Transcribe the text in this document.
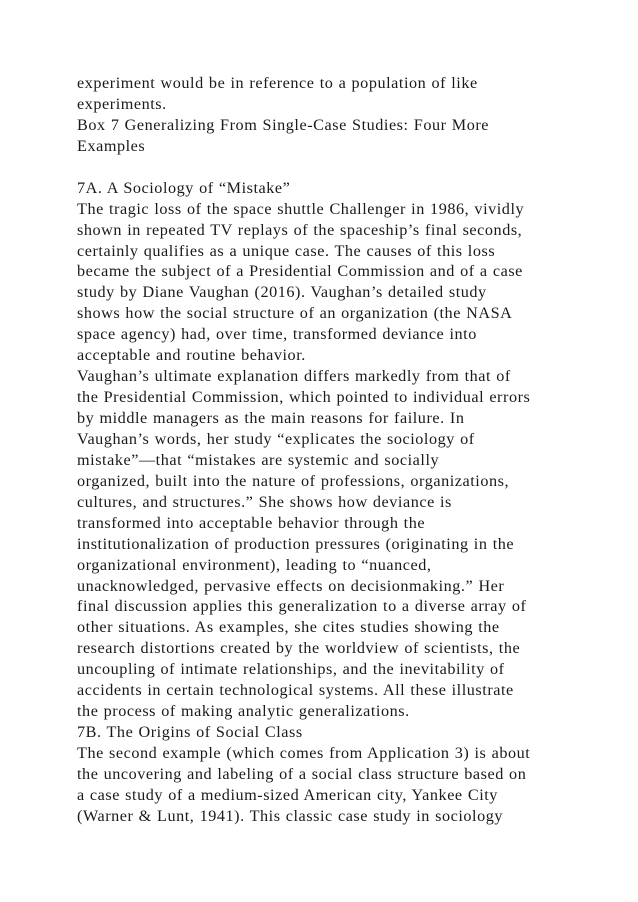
experiment would be in reference to a population of like
experiments.
Box 7 Generalizing From Single-Case Studies: Four More
Examples
7A. A Sociology of “Mistake”
The tragic loss of the space shuttle Challenger in 1986, vividly
shown in repeated TV replays of the spaceship’s final seconds,
certainly qualifies as a unique case. The causes of this loss
became the subject of a Presidential Commission and of a case
study by Diane Vaughan (2016). Vaughan’s detailed study
shows how the social structure of an organization (the NASA
space agency) had, over time, transformed deviance into
acceptable and routine behavior.
Vaughan’s ultimate explanation differs markedly from that of
the Presidential Commission, which pointed to individual errors
by middle managers as the main reasons for failure. In
Vaughan’s words, her study “explicates the sociology of
mistake”—that “mistakes are systemic and socially
organized, built into the nature of professions, organizations,
cultures, and structures.” She shows how deviance is
transformed into acceptable behavior through the
institutionalization of production pressures (originating in the
organizational environment), leading to “nuanced,
unacknowledged, pervasive effects on decisionmaking.” Her
final discussion applies this generalization to a diverse array of
other situations. As examples, she cites studies showing the
research distortions created by the worldview of scientists, the
uncoupling of intimate relationships, and the inevitability of
accidents in certain technological systems. All these illustrate
the process of making analytic generalizations.
7B. The Origins of Social Class
The second example (which comes from Application 3) is about
the uncovering and labeling of a social class structure based on
a case study of a medium-sized American city, Yankee City
(Warner & Lunt, 1941). This classic case study in sociology
